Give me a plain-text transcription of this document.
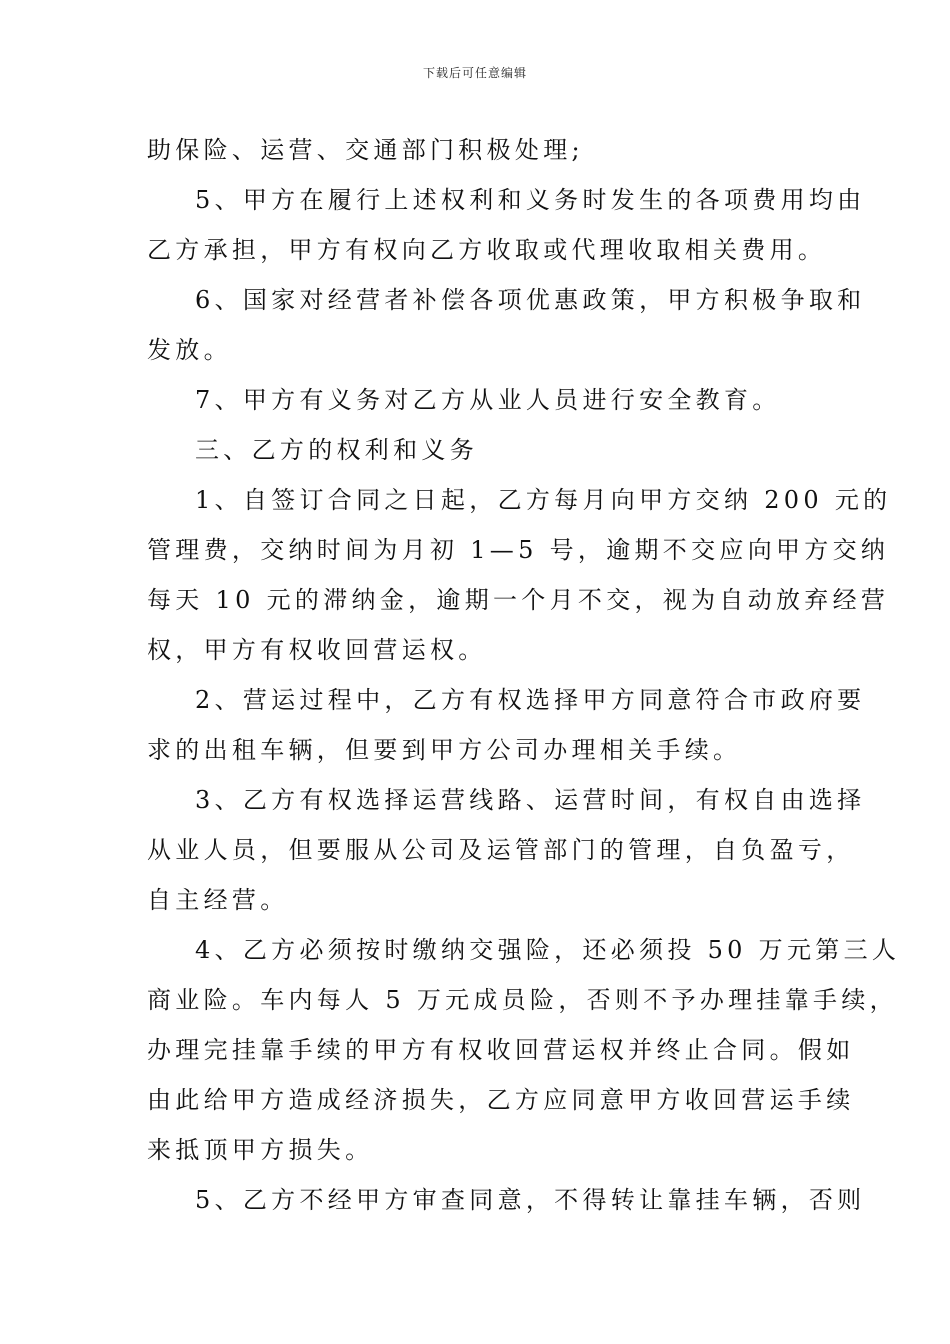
下载后可任意编辑
助保险、运营、交通部门积极处理;
5、甲方在履行上述权利和义务时发生的各项费用均由
乙方承担，甲方有权向乙方收取或代理收取相关费用。
6、国家对经营者补偿各项优惠政策，甲方积极争取和
发放。
7、甲方有义务对乙方从业人员进行安全教育。
三、乙方的权利和义务
1、自签订合同之日起，乙方每月向甲方交纳 200 元的
管理费，交纳时间为月初 1—5 号，逾期不交应向甲方交纳
每天 10 元的滞纳金，逾期一个月不交，视为自动放弃经营
权，甲方有权收回营运权。
2、营运过程中，乙方有权选择甲方同意符合市政府要
求的出租车辆，但要到甲方公司办理相关手续。
3、乙方有权选择运营线路、运营时间，有权自由选择
从业人员，但要服从公司及运管部门的管理，自负盈亏，
自主经营。
4、乙方必须按时缴纳交强险，还必须投 50 万元第三人
商业险。车内每人 5 万元成员险，否则不予办理挂靠手续，
办理完挂靠手续的甲方有权收回营运权并终止合同。假如
由此给甲方造成经济损失，乙方应同意甲方收回营运手续
来抵顶甲方损失。
5、乙方不经甲方审查同意，不得转让靠挂车辆，否则
